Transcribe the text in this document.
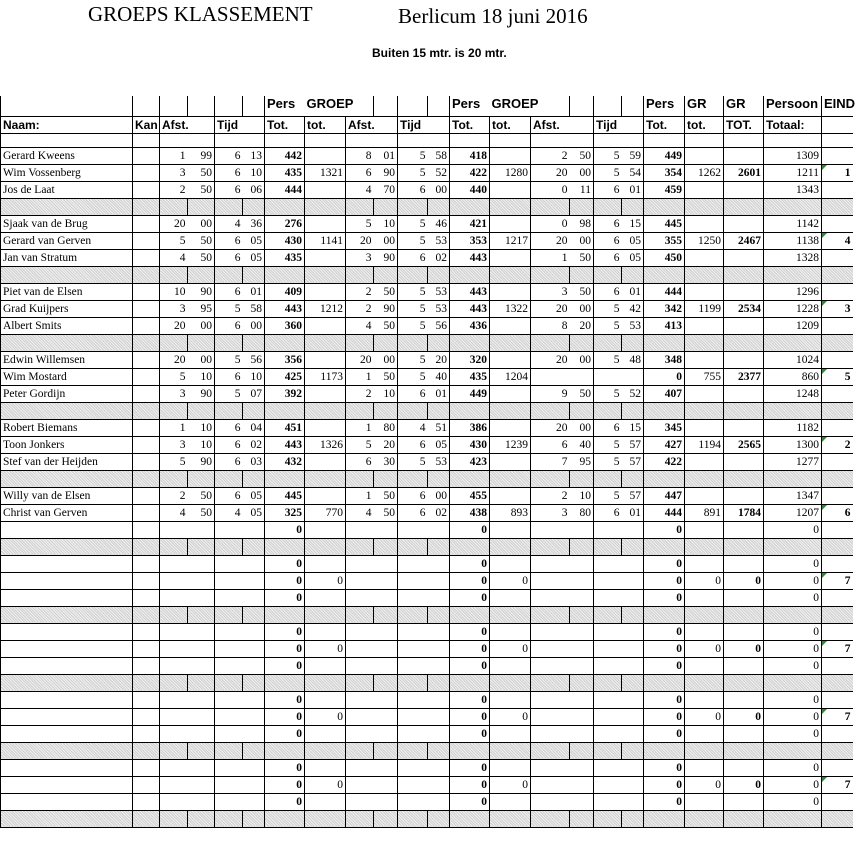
GROEPS KLASSEMENT	Berlicum 18 juni 2016
Buiten 15 mtr. is 20 mtr.
						Pers	GROEP					Pers	GROEP					Pers	GR	GR	Persoon	EIND
Naam:	Kan	Afst.		Tijd		Tot.	tot.	Afst.		Tijd		Tot.	tot.	Afst.		Tijd		Tot.	tot.	TOT.	Totaal:	

Gerard Kweens		1	99	6	13	442		8	01	5	58	418		2	50	5	59	449			1309	
Wim Vossenberg		3	50	6	10	435	1321	6	90	5	52	422	1280	20	00	5	54	354	1262	2601	1211	1
Jos de Laat		2	50	6	06	444		4	70	6	00	440		0	11	6	01	459			1343	

Sjaak van de Brug		20	00	4	36	276		5	10	5	46	421		0	98	6	15	445			1142	
Gerard van Gerven		5	50	6	05	430	1141	20	00	5	53	353	1217	20	00	6	05	355	1250	2467	1138	4
Jan van Stratum		4	50	6	05	435		3	90	6	02	443		1	50	6	05	450			1328	

Piet van de Elsen		10	90	6	01	409		2	50	5	53	443		3	50	6	01	444			1296	
Grad Kuijpers		3	95	5	58	443	1212	2	90	5	53	443	1322	20	00	5	42	342	1199	2534	1228	3
Albert Smits		20	00	6	00	360		4	50	5	56	436		8	20	5	53	413			1209	

Edwin Willemsen		20	00	5	56	356		20	00	5	20	320		20	00	5	48	348			1024	
Wim Mostard		5	10	6	10	425	1173	1	50	5	40	435	1204					0	755	2377	860	5
Peter Gordijn		3	90	5	07	392		2	10	6	01	449		9	50	5	52	407			1248	

Robert Biemans		1	10	6	04	451		1	80	4	51	386		20	00	6	15	345			1182	
Toon Jonkers		3	10	6	02	443	1326	5	20	6	05	430	1239	6	40	5	57	427	1194	2565	1300	2
Stef van der Heijden		5	90	6	03	432		6	30	5	53	423		7	95	5	57	422			1277	

Willy van de Elsen		2	50	6	05	445		1	50	6	00	455		2	10	5	57	447			1347	
Christ van Gerven		4	50	4	05	325	770	4	50	6	02	438	893	3	80	6	01	444	891	1784	1207	6
						0						0						0			0	

						0						0						0			0	
						0	0					0	0					0	0	0	0	7
						0						0						0			0	

						0						0						0			0	
						0	0					0	0					0	0	0	0	7
						0						0						0			0	

						0						0						0			0	
						0	0					0	0					0	0	0	0	7
						0						0						0			0	

						0						0						0			0	
						0	0					0	0					0	0	0	0	7
						0						0						0			0	
